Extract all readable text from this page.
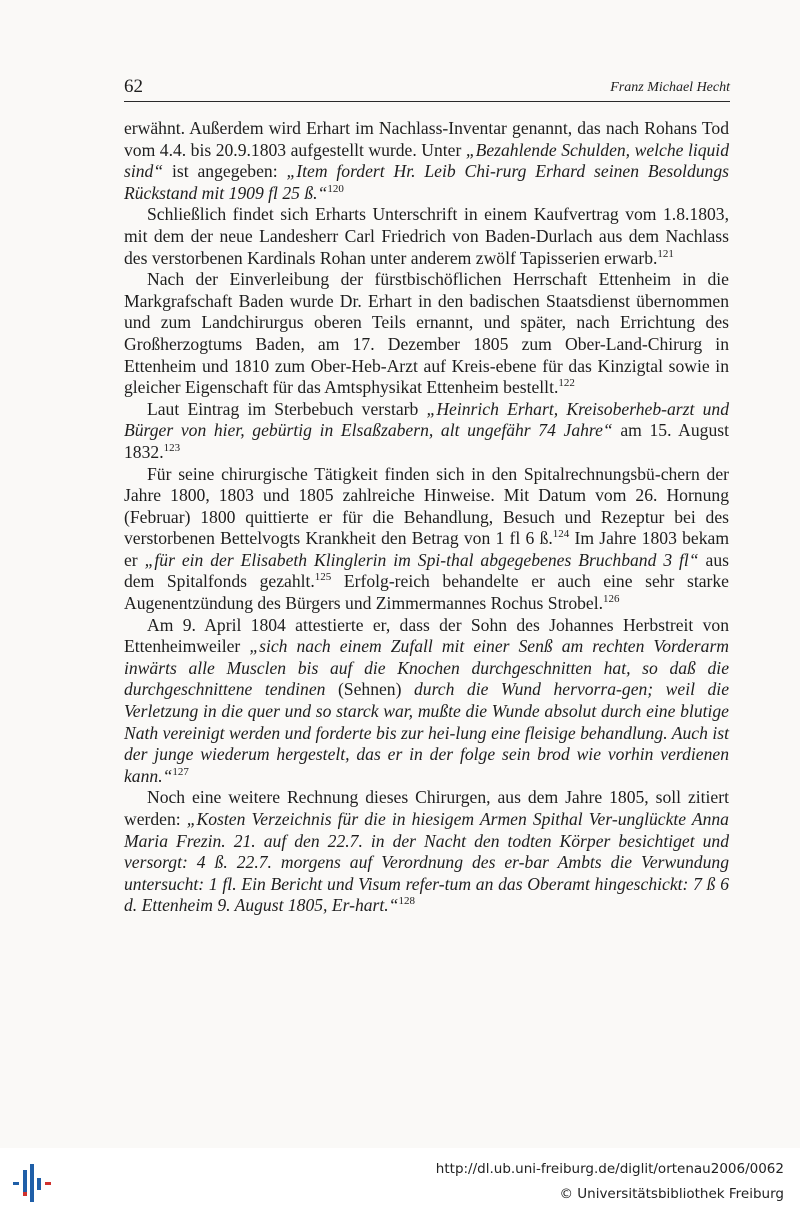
62	Franz Michael Hecht

erwähnt. Außerdem wird Erhart im Nachlass-Inventar genannt, das nach Rohans Tod vom 4.4. bis 20.9.1803 aufgestellt wurde. Unter „Bezahlende Schulden, welche liquid sind“ ist angegeben: „Item fordert Hr. Leib Chi-rurg Erhard seinen Besoldungs Rückstand mit 1909 fl 25 ß.“$^{120}$

Schließlich findet sich Erharts Unterschrift in einem Kaufvertrag vom 1.8.1803, mit dem der neue Landesherr Carl Friedrich von Baden-Durlach aus dem Nachlass des verstorbenen Kardinals Rohan unter anderem zwölf Tapisserien erwarb.$^{121}$

Nach der Einverleibung der fürstbischöflichen Herrschaft Ettenheim in die Markgrafschaft Baden wurde Dr. Erhart in den badischen Staatsdienst übernommen und zum Landchirurgus oberen Teils ernannt, und später, nach Errichtung des Großherzogtums Baden, am 17. Dezember 1805 zum Ober-Land-Chirurg in Ettenheim und 1810 zum Ober-Heb-Arzt auf Kreis-ebene für das Kinzigtal sowie in gleicher Eigenschaft für das Amtsphysikat Ettenheim bestellt.$^{122}$

Laut Eintrag im Sterbebuch verstarb „Heinrich Erhart, Kreisoberheb-arzt und Bürger von hier, gebürtig in Elsaßzabern, alt ungefähr 74 Jahre“ am 15. August 1832.$^{123}$

Für seine chirurgische Tätigkeit finden sich in den Spitalrechnungsbü-chern der Jahre 1800, 1803 und 1805 zahlreiche Hinweise. Mit Datum vom 26. Hornung (Februar) 1800 quittierte er für die Behandlung, Besuch und Rezeptur bei des verstorbenen Bettelvogts Krankheit den Betrag von 1 fl 6 ß.$^{124}$ Im Jahre 1803 bekam er „für ein der Elisabeth Klinglerin im Spi-thal abgegebenes Bruchband 3 fl“ aus dem Spitalfonds gezahlt.$^{125}$ Erfolg-reich behandelte er auch eine sehr starke Augenentzündung des Bürgers und Zimmermannes Rochus Strobel.$^{126}$

Am 9. April 1804 attestierte er, dass der Sohn des Johannes Herbstreit von Ettenheimweiler „sich nach einem Zufall mit einer Senß am rechten Vorderarm inwärts alle Musclen bis auf die Knochen durchgeschnitten hat, so daß die durchgeschnittene tendinen (Sehnen) durch die Wund hervorra-gen; weil die Verletzung in die quer und so starck war, mußte die Wunde absolut durch eine blutige Nath vereinigt werden und forderte bis zur hei-lung eine fleisige behandlung. Auch ist der junge wiederum hergestelt, das er in der folge sein brod wie vorhin verdienen kann.“$^{127}$

Noch eine weitere Rechnung dieses Chirurgen, aus dem Jahre 1805, soll zitiert werden: „Kosten Verzeichnis für die in hiesigem Armen Spithal Ver-unglückte Anna Maria Frezin. 21. auf den 22.7. in der Nacht den todten Körper besichtiget und versorgt: 4 ß. 22.7. morgens auf Verordnung des er-bar Ambts die Verwundung untersucht: 1 fl. Ein Bericht und Visum refer-tum an das Oberamt hingeschickt: 7 ß 6 d. Ettenheim 9. August 1805, Er-hart.“$^{128}$

http://dl.ub.uni-freiburg.de/diglit/ortenau2006/0062
© Universitätsbibliothek Freiburg
